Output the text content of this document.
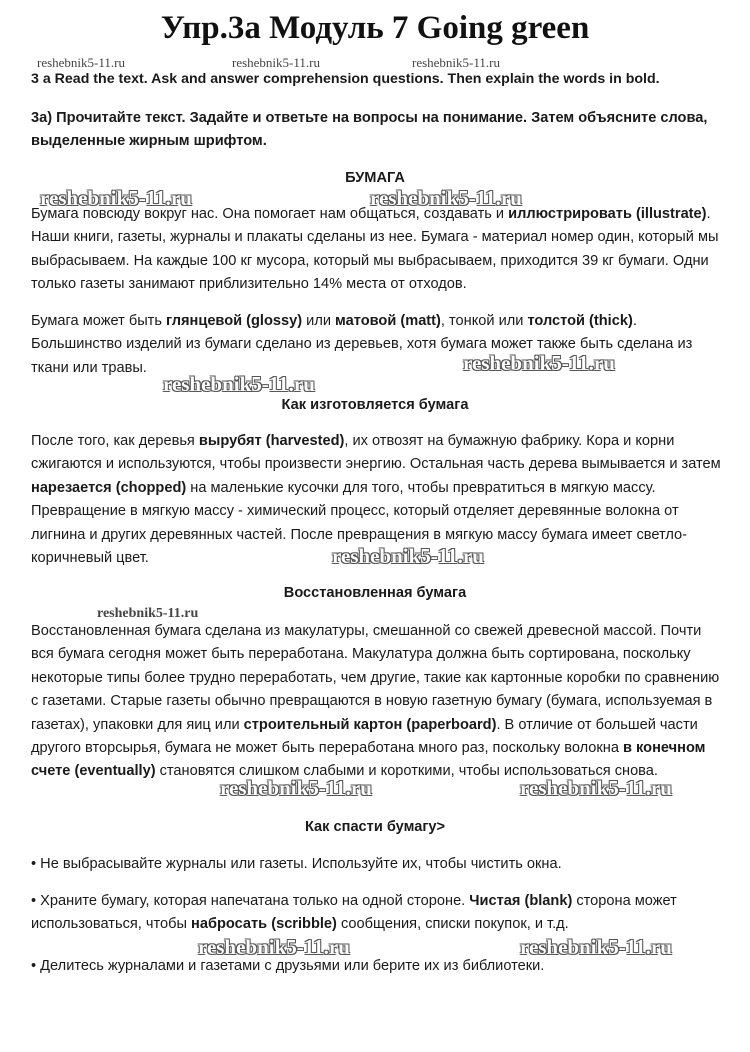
Упр.3a Модуль 7 Going green
reshebnik5-11.ru	reshebnik5-11.ru	reshebnik5-11.ru
3 a Read the text. Ask and answer comprehension questions. Then explain the words in bold.
3a) Прочитайте текст. Задайте и ответьте на вопросы на понимание. Затем объясните слова, выделенные жирным шрифтом.
БУМАГА
reshebnik5-11.ru	reshebnik5-11.ru
Бумага повсюду вокруг нас. Она помогает нам общаться, создавать и иллюстрировать (illustrate). Наши книги, газеты, журналы и плакаты сделаны из нее. Бумага - материал номер один, который мы выбрасываем. На каждые 100 кг мусора, который мы выбрасываем, приходится 39 кг бумаги. Одни только газеты занимают приблизительно 14% места от отходов.
Бумага может быть глянцевой (glossy) или матовой (matt), тонкой или толстой (thick). Большинство изделий из бумаги сделано из деревьев, хотя бумага может также быть сделана из ткани или травы.	reshebnik5-11.ru
reshebnik5-11.ru
Как изготовляется бумага
После того, как деревья вырубят (harvested), их отвозят на бумажную фабрику. Кора и корни сжигаются и используются, чтобы произвести энергию. Остальная часть дерева вымывается и затем нарезается (chopped) на маленькие кусочки для того, чтобы превратиться в мягкую массу. Превращение в мягкую массу - химический процесс, который отделяет деревянные волокна от лигнина и других деревянных частей. После превращения в мягкую массу бумага имеет светло-коричневый цвет.	reshebnik5-11.ru
Восстановленная бумага
reshebnik5-11.ru
Восстановленная бумага сделана из макулатуры, смешанной со свежей древесной массой. Почти вся бумага сегодня может быть переработана. Макулатура должна быть сортирована, поскольку некоторые типы более трудно переработать, чем другие, такие как картонные коробки по сравнению с газетами. Старые газеты обычно превращаются в новую газетную бумагу (бумага, используемая в газетах), упаковки для яиц или строительный картон (paperboard). В отличие от большей части другого вторсырья, бумага не может быть переработана много раз, поскольку волокна в конечном счете (eventually) становятся слишком слабыми и короткими, чтобы использоваться снова.
reshebnik5-11.ru	reshebnik5-11.ru
Как спасти бумагу>
• Не выбрасывайте журналы или газеты. Используйте их, чтобы чистить окна.
• Храните бумагу, которая напечатана только на одной стороне. Чистая (blank) сторона может использоваться, чтобы набросать (scribble) сообщения, списки покупок, и т.д.
reshebnik5-11.ru	reshebnik5-11.ru
• Делитесь журналами и газетами с друзьями или берите их из библиотеки.
